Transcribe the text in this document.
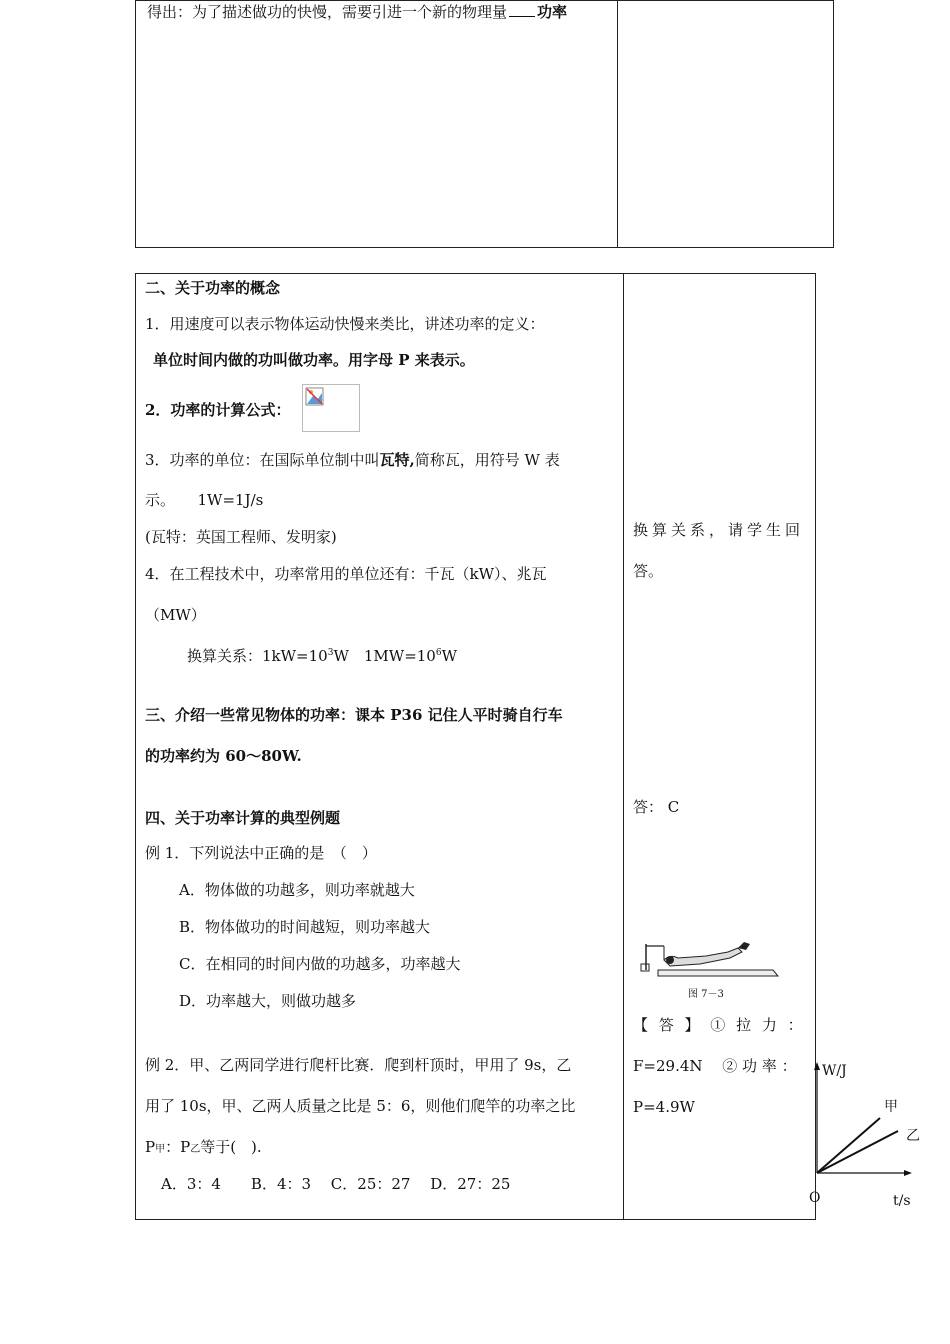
得出：为了描述做功的快慢，需要引进一个新的物理量 功率
二、关于功率的概念
1．用速度可以表示物体运动快慢来类比，讲述功率的定义：
单位时间内做的功叫做功率。用字母 P 来表示。
2．功率的计算公式：
3．功率的单位：在国际单位制中叫瓦特,简称瓦，用符号 W 表
示。　　1W=1J/s
(瓦特：英国工程师、发明家)
4．在工程技术中，功率常用的单位还有：千瓦（kW）、兆瓦
（MW）
换算关系：$1kW=10^3W$　$1MW=10^6W$
三、介绍一些常见物体的功率：课本 P36 记住人平时骑自行车
的功率约为 60～80W.
四、关于功率计算的典型例题
例 1．下列说法中正确的是　（　）
A．物体做的功越多，则功率就越大
B．物体做功的时间越短，则功率越大
C．在相同的时间内做的功越多，功率越大
D．功率越大，则做功越多
例 2．甲、乙两同学进行爬杆比赛．爬到杆顶时，甲用了 9s，乙
用了 10s，甲、乙两人质量之比是 5：6，则他们爬竿的功率之比
P甲：P乙等于(　).
A．3：4　　B．4：3　 C．25：27　 D．27：25
换算关系，请学生回
答。
答： C
图 7－3
【 答 】 ① 拉 力 ：
F=29.4N　 ② 功 率 ：
P=4.9W
W/J
t/s
O
甲
乙
